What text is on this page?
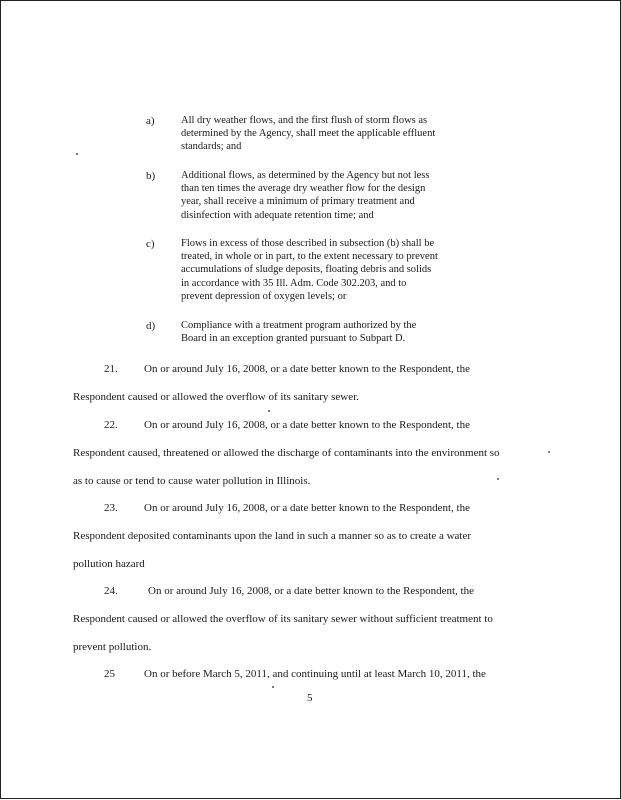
a)	All dry weather flows, and the first flush of storm flows as
determined by the Agency, shall meet the applicable effluent
standards; and
b) Additional flows, as determined by the Agency but not less
than ten times the average dry weather flow for the design
year, shall receive a minimum of primary treatment and
disinfection with adequate retention time; and
c)	Flows in excess of those described in subsection (b) shall be
treated, in whole or in part, to the extent necessary to prevent
accumulations of sludge deposits, floating debris and solids
in accordance with 35 Ill. Adm. Code 302.203, and to
prevent depression of oxygen levels; or
d) Compliance with a treatment program authorized by the
Board in an exception granted pursuant to Subpart D.
21. On or around July 16, 2008, or a date better known to the Respondent, the
Respondent caused or allowed the overflow of its sanitary sewer.
22. On or around July 16, 2008, or a date better known to the Respondent, the
Respondent caused, threatened or allowed the discharge of contaminants into the environment so
as to cause or tend to cause water pollution in Illinois.
23. On or around July 16, 2008, or a date better known to the Respondent, the
Respondent deposited contaminants upon the land in such a manner so as to create a water
pollution hazard
24.	On or around July 16, 2008, or a date better known to the Respondent, the
Respondent caused or allowed the overflow of its sanitary sewer without sufficient treatment to
prevent pollution.
25	On or before March 5, 2011, and continuing until at least March 10, 2011, the
5
